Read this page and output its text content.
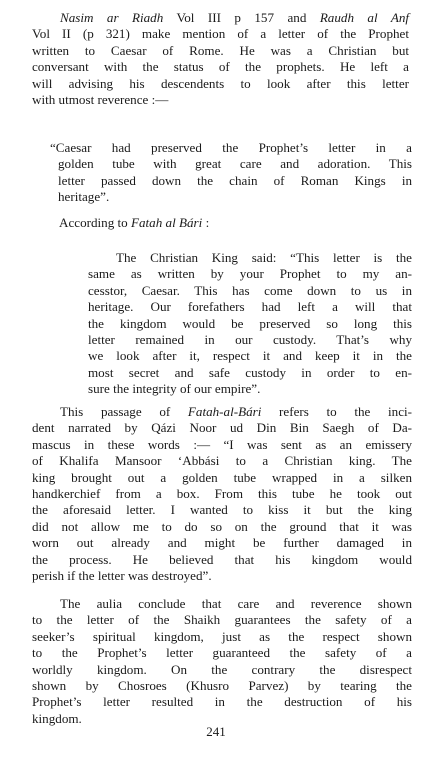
Nasim ar Riadh Vol III p 157 and Raudh al Anf
Vol II (p 321) make mention of a letter of the Prophet
written to Caesar of Rome. He was a Christian but
conversant with the status of the prophets. He left a
will advising his descendents to look after this letter
with utmost reverence :—
“Caesar had preserved the Prophet’s letter in a
golden tube with great care and adoration. This
letter passed down the chain of Roman Kings in
heritage”.
According to Fatah al Bári :
The Christian King said: “This letter is the
same as written by your Prophet to my an-
cesstor, Caesar. This has come down to us in
heritage. Our forefathers had left a will that
the kingdom would be preserved so long this
letter remained in our custody. That’s why
we look after it, respect it and keep it in the
most secret and safe custody in order to en-
sure the integrity of our empire”.
This passage of Fatah-al-Bári refers to the inci-
dent narrated by Qázi Noor ud Din Bin Saegh of Da-
mascus in these words :— “I was sent as an emissery
of Khalifa Mansoor ‘Abbási to a Christian king. The
king brought out a golden tube wrapped in a silken
handkerchief from a box. From this tube he took out
the aforesaid letter. I wanted to kiss it but the king
did not allow me to do so on the ground that it was
worn out already and might be further damaged in
the process. He believed that his kingdom would
perish if the letter was destroyed”.
The aulia conclude that care and reverence shown
to the letter of the Shaikh guarantees the safety of a
seeker’s spiritual kingdom, just as the respect shown
to the Prophet’s letter guaranteed the safety of a
worldly kingdom. On the contrary the disrespect
shown by Chosroes (Khusro Parvez) by tearing the
Prophet’s letter resulted in the destruction of his
kingdom.
241
